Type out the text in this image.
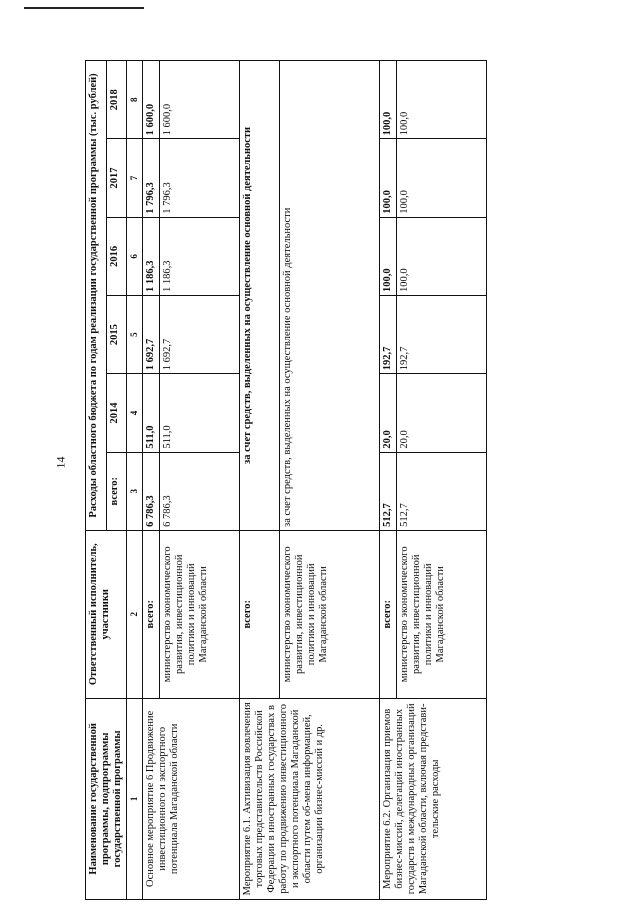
14
Наименование государственной программы, подпрограммы государственной программы	Ответственный исполнитель, участники	Расходы областного бюджета по годам реализации государственной программы (тыс. рублей)					
		всего:	2014	2015	2016	2017	2018
1	2	3	4	5	6	7	8
Основное мероприятие 6 Продвижение инвестиционного и экспортного потенциала Магаданской области	всего:	6 786,3	511,0	1 692,7	1 186,3	1 796,3	1 600,0
	министерство экономического развития, инвестиционной политики и инноваций Магаданской области	6 786,3	511,0	1 692,7	1 186,3	1 796,3	1 600,0
Мероприятие 6.1. Активизация вовлечения торговых представительств Российской Федерации в иностранных государствах в работу по продвижению инвестиционного и экспортного потенциала Магаданской области путем об-мена информацией, организации бизнес-миссий и др.	всего:	за счет средств, выделенных на осуществление основной деятельности					
	министерство экономического развития, инвестиционной политики и инноваций Магаданской области	за счет средств, выделенных на осуществление основной деятельности					
Мероприятие 6.2. Организация приемов бизнес-миссий, делегаций иностранных государств и международных организаций Магаданской области, включая представи-тельские расходы	всего:	512,7	20,0	192,7	100,0	100,0	100,0
	министерство экономического развития, инвестиционной политики и инноваций Магаданской области	512,7	20,0	192,7	100,0	100,0	100,0
